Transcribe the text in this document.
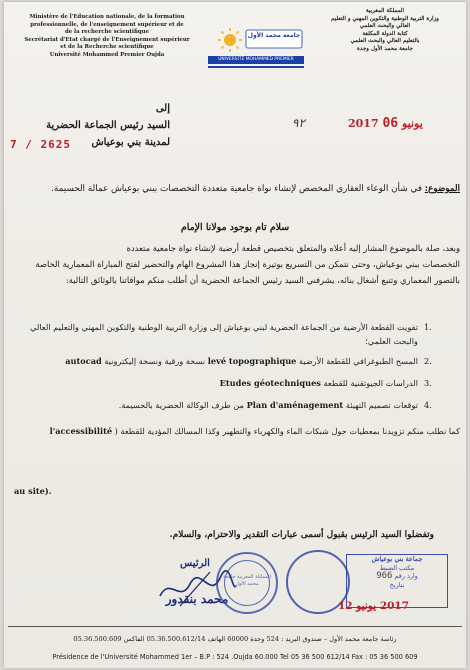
Ministère de l'Education nationale, de la formation
professionnelle, de l'enseignement supérieur et de
de la recherche scientifique
Secrétariat d'Etat chargé de l'Enseignement supérieur
et de la Recherche scientifique
Université Mohammed Premier Oujda
جامعة محمد الأول
UNIVERSITÉ MOHAMMED PREMIER
المملكة المغربية
وزارة التربية الوطنية والتكوين المهني و التعليم
العالي والبحث العلمي
كتابة الدولة المكلفة
بالتعليم العالي والبحث العلمي
جامعة محمد الأول وجدة
7 / 2625
2017 يونيو 06
٩٢
إلى
السيد رئيس الجماعة الحضرية
لمدينة بني بوعياش
الموضوع: في شأن الوعاء العقاري المخصص لإنشاء نواة جامعية متعددة التخصصات ببني بوعياش عمالة الحسيمة.
سلام تام بوجود مولانا الإمام
وبعد، صلة بالموضوع المشار إليه أعلاه والمتعلق بتخصيص قطعة أرضية لإنشاء نواة جامعية متعددة
التخصصات ببني بوعياش، وحتى نتمكن من التسريع بوتيرة إنجاز هذا المشروع الهام والتحضير لفتح المباراة المعمارية الخاصة
بالتصور المعماري وتتبع أشغال بنائه، يشرفني السيد رئيس الجماعة الحضرية أن أطلب منكم موافاتنا بالوثائق التالية:
تفويت القطعة الأرضية من الجماعة الحضرية لبني بوعياش إلى وزارة التربية الوطنية والتكوين المهني والتعليم العالي
والبحث العلمي؛
المسح الطبوغرافي للقطعة الأرضية levé topographique نسخة ورقية ونسخة إليكترونية autocad
الدراسات الجيوتقنية للقطعة Etudes géotechniques
توقعات تصميم التهيئة Plan d'aménagement من طرف الوكالة الحضرية بالحسيمة.
1.
2.
3.
4.
كما نطلب منكم تزويدنا بمعطيات حول شبكات الماء والكهرباء والتطهير وكذا المسالك المؤدية للقطعة ( l'accessibilité
au site).
وتفضلوا السيد الرئيس بقبول أسمى عبارات التقدير والاحترام، والسلام.
الرئيس
محمد بنقدور
المملكة المغربية جامعة محمد الأول
جماعة بني بوعياش
مكتب الضبط
وارد رقم 966
بتاريخ
2017 يونيو 12
رئاسة جامعة محمد الأول – صندوق البريد : 524 وجدة 60000 الهاتف 05.36.500.612/14 الفاكس 05.36.500.609
Présidence de l'Université Mohammed 1er – B.P : 524 .Oujda 60.000 Tel 05 36 500 612/14 Fax : 05 36 500 609
